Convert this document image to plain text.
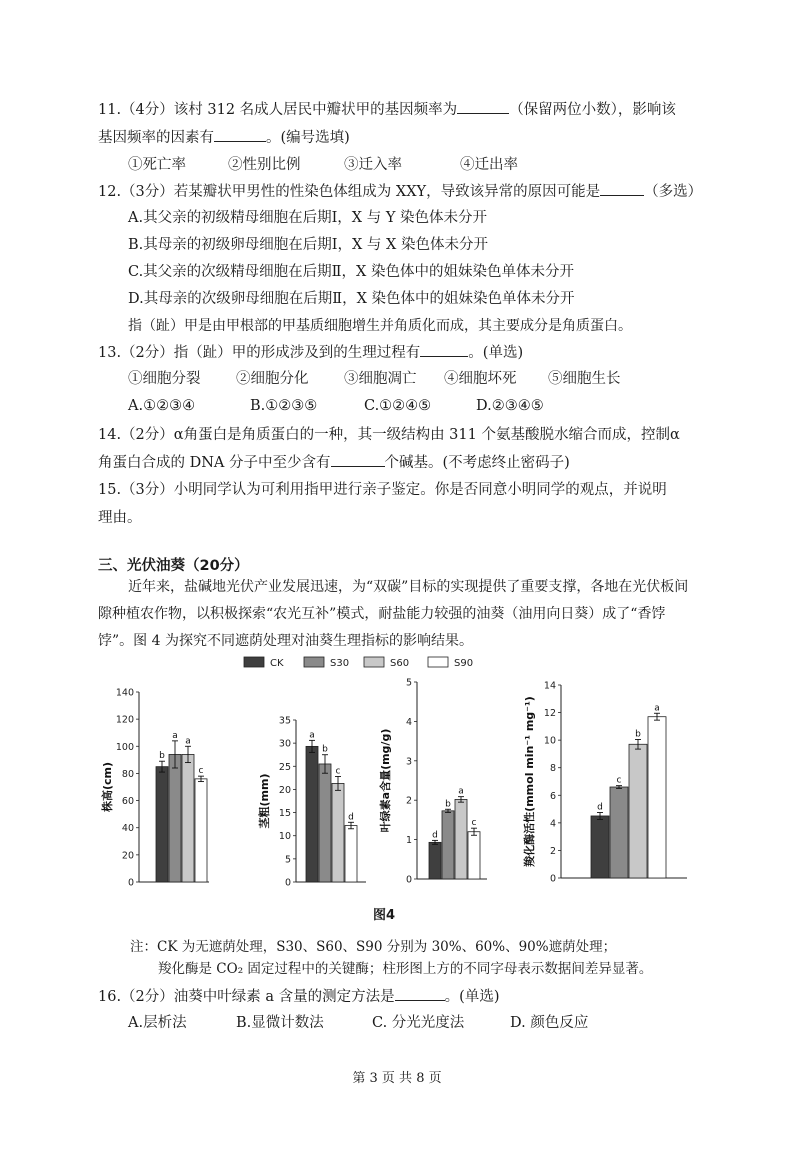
11.（4分）该村 312 名成人居民中瓣状甲的基因频率为	（保留两位小数），影响该
基因频率的因素有	。(编号选填)
①死亡率	②性别比例	③迁入率	④迁出率
12.（3分）若某瓣状甲男性的性染色体组成为 XXY，导致该异常的原因可能是	（多选）
A.其父亲的初级精母细胞在后期Ⅰ，X 与 Y 染色体未分开
B.其母亲的初级卵母细胞在后期Ⅰ，X 与 X 染色体未分开
C.其父亲的次级精母细胞在后期Ⅱ，X 染色体中的姐妹染色单体未分开
D.其母亲的次级卵母细胞在后期Ⅱ，X 染色体中的姐妹染色单体未分开
指（趾）甲是由甲根部的甲基质细胞增生并角质化而成，其主要成分是角质蛋白。
13.（2分）指（趾）甲的形成涉及到的生理过程有	。(单选)
①细胞分裂 ②细胞分化 ③细胞凋亡 ④细胞坏死 ⑤细胞生长
A.①②③④	B.①②③⑤	C.①②④⑤	D.②③④⑤
14.（2分）α角蛋白是角质蛋白的一种，其一级结构由 311 个氨基酸脱水缩合而成，控制α
角蛋白合成的 DNA 分子中至少含有	个碱基。(不考虑终止密码子)
15.（3分）小明同学认为可利用指甲进行亲子鉴定。你是否同意小明同学的观点，并说明
理由。
三、光伏油葵（20分）
近年来，盐碱地光伏产业发展迅速，为“双碳”目标的实现提供了重要支撑，各地在光伏板间隙种植农作物，以积极探索“农光互补”模式，耐盐能力较强的油葵（油用向日葵）成了“香饽饽”。图 4 为探究不同遮荫处理对油葵生理指标的影响结果。
CK	S30	S60	S90
0
20
40
60
80
100
120
140
株高(cm)
b
a
a
c
0
5
10
15
20
25
30
35
茎粗(mm)
a
b
c
d
0
1
2
3
4
5
叶绿素a含量(mg/g)
d
b
a
c
0
2
4
6
8
10
12
14
羧化酶活性(mmol min⁻¹ mg⁻¹)	d
c
b
a
图4
注：CK 为无遮荫处理，S30、S60、S90 分别为 30%、60%、90%遮荫处理；
羧化酶是 CO₂ 固定过程中的关键酶；柱形图上方的不同字母表示数据间差异显著。
16.（2分）油葵中叶绿素 a 含量的测定方法是	。(单选)
A.层析法	B.显微计数法	C. 分光光度法	D. 颜色反应
第 3 页 共 8 页
